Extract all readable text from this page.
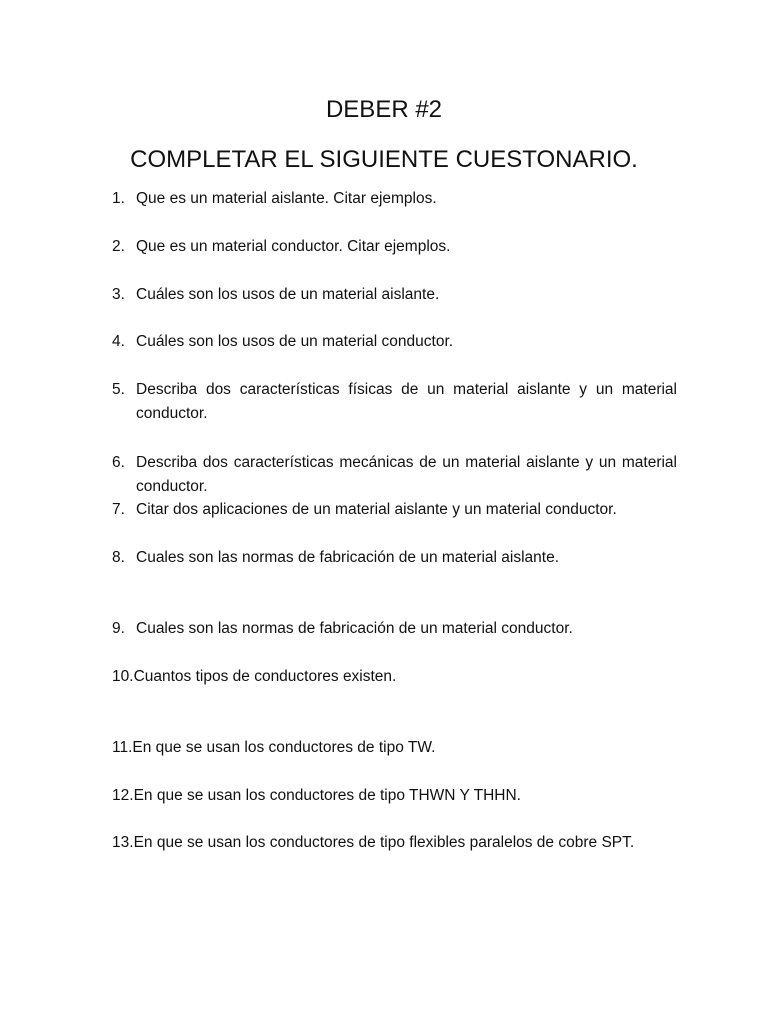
DEBER #2
COMPLETAR EL SIGUIENTE CUESTONARIO.
1. Que es un material aislante. Citar ejemplos.
2. Que es un material conductor. Citar ejemplos.
3. Cuáles son los usos de un material aislante.
4. Cuáles son los usos de un material conductor.
5. Describa dos características físicas de un material aislante y un material conductor.
6. Describa dos características mecánicas de un material aislante y un material conductor.
7. Citar dos aplicaciones de un material aislante y un material conductor.
8. Cuales son las normas de fabricación de un material aislante.
9. Cuales son las normas de fabricación de un material conductor.
10.Cuantos tipos de conductores existen.
11.En que se usan los conductores de tipo TW.
12.En que se usan los conductores de tipo THWN Y THHN.
13.En que se usan los conductores de tipo flexibles paralelos de cobre SPT.
